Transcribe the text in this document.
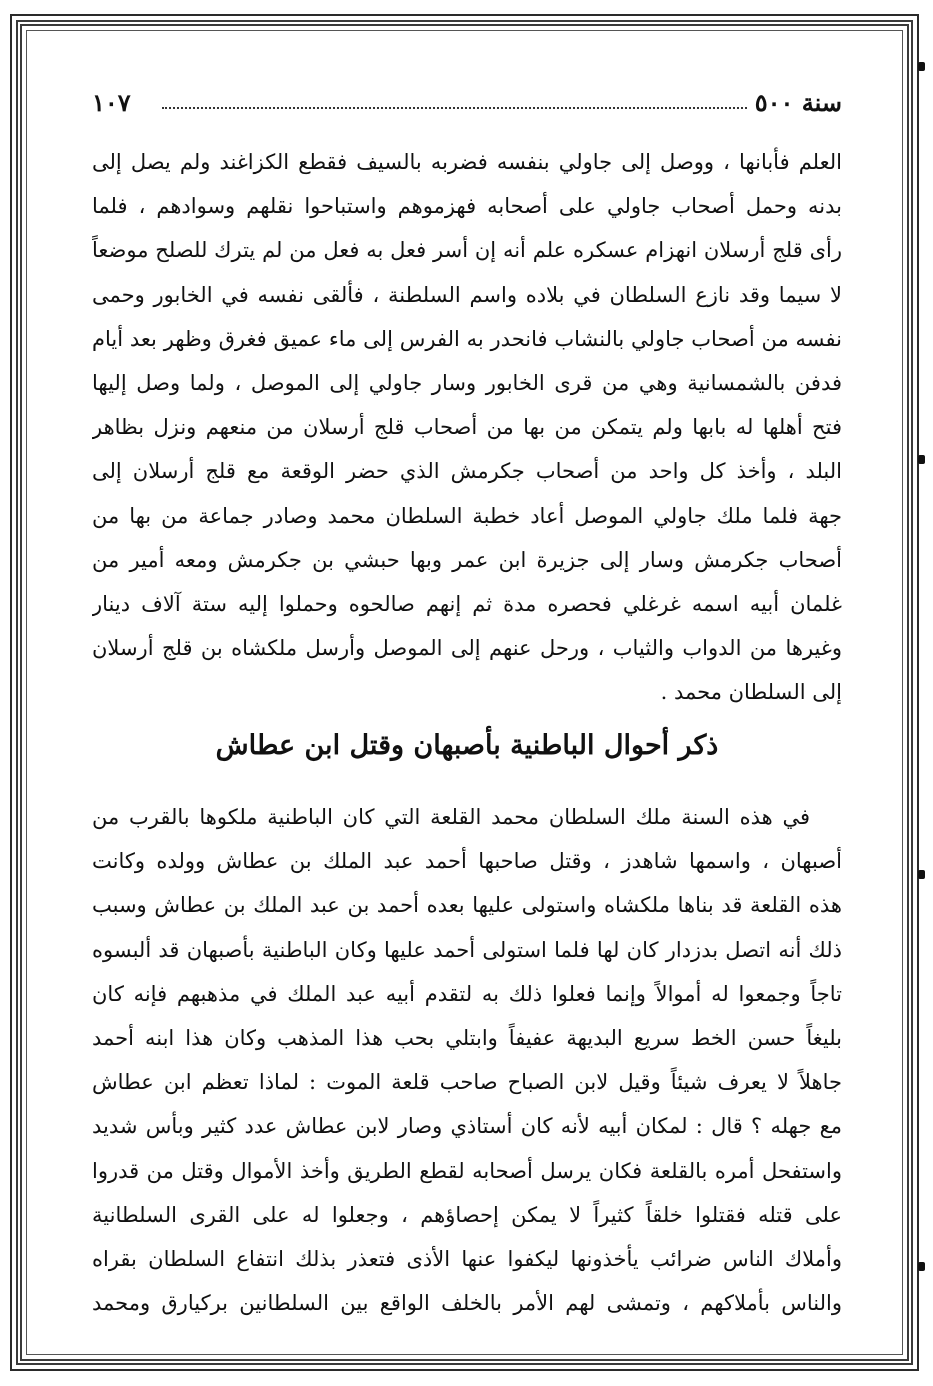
سنة ٥٠٠
١٠٧
العلم فأبانها ، ووصل إلى جاولي بنفسه فضربه بالسيف فقطع الكزاغند ولم يصل إلى
بدنه وحمل أصحاب جاولي على أصحابه فهزموهم واستباحوا نقلهم وسوادهم ، فلما
رأى قلج أرسلان انهزام عسكره علم أنه إن أسر فعل به فعل من لم يترك للصلح موضعاً
لا سيما وقد نازع السلطان في بلاده واسم السلطنة ، فألقى نفسه في الخابور وحمى
نفسه من أصحاب جاولي بالنشاب فانحدر به الفرس إلى ماء عميق فغرق وظهر بعد أيام
فدفن بالشمسانية وهي من قرى الخابور وسار جاولي إلى الموصل ، ولما وصل إليها
فتح أهلها له بابها ولم يتمكن من بها من أصحاب قلج أرسلان من منعهم ونزل بظاهر
البلد ، وأخذ كل واحد من أصحاب جكرمش الذي حضر الوقعة مع قلج أرسلان إلى
جهة فلما ملك جاولي الموصل أعاد خطبة السلطان محمد وصادر جماعة من بها من
أصحاب جكرمش وسار إلى جزيرة ابن عمر وبها حبشي بن جكرمش ومعه أمير من
غلمان أبيه اسمه غرغلي فحصره مدة ثم إنهم صالحوه وحملوا إليه ستة آلاف دينار
وغيرها من الدواب والثياب ، ورحل عنهم إلى الموصل وأرسل ملكشاه بن قلج أرسلان
إلى السلطان محمد .
ذكر أحوال الباطنية بأصبهان وقتل ابن عطاش
في هذه السنة ملك السلطان محمد القلعة التي كان الباطنية ملكوها بالقرب من
أصبهان ، واسمها شاهدز ، وقتل صاحبها أحمد عبد الملك بن عطاش وولده وكانت
هذه القلعة قد بناها ملكشاه واستولى عليها بعده أحمد بن عبد الملك بن عطاش وسبب
ذلك أنه اتصل بدزدار كان لها فلما استولى أحمد عليها وكان الباطنية بأصبهان قد ألبسوه
تاجاً وجمعوا له أموالاً وإنما فعلوا ذلك به لتقدم أبيه عبد الملك في مذهبهم فإنه كان
بليغاً حسن الخط سريع البديهة عفيفاً وابتلي بحب هذا المذهب وكان هذا ابنه أحمد
جاهلاً لا يعرف شيئاً وقيل لابن الصباح صاحب قلعة الموت : لماذا تعظم ابن عطاش
مع جهله ؟ قال : لمكان أبيه لأنه كان أستاذي وصار لابن عطاش عدد كثير وبأس شديد
واستفحل أمره بالقلعة فكان يرسل أصحابه لقطع الطريق وأخذ الأموال وقتل من قدروا
على قتله فقتلوا خلقاً كثيراً لا يمكن إحصاؤهم ، وجعلوا له على القرى السلطانية
وأملاك الناس ضرائب يأخذونها ليكفوا عنها الأذى فتعذر بذلك انتفاع السلطان بقراه
والناس بأملاكهم ، وتمشى لهم الأمر بالخلف الواقع بين السلطانين بركيارق ومحمد
